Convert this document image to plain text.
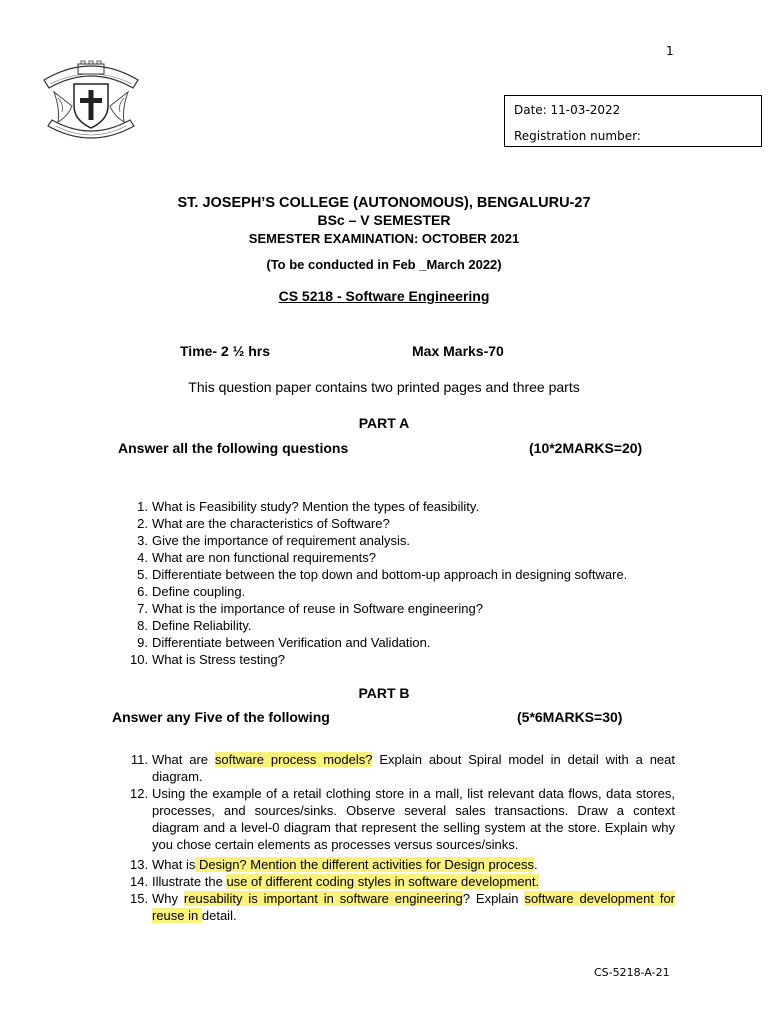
1
Date: 11-03-2022
Registration number:
ST. JOSEPH’S COLLEGE (AUTONOMOUS), BENGALURU-27
BSc – V SEMESTER
SEMESTER EXAMINATION: OCTOBER 2021
(To be conducted in Feb _March 2022)
CS 5218 - Software Engineering
Time- 2 ½ hrs	Max Marks-70
This question paper contains two printed pages and three parts
PART A
Answer all the following questions	(10*2MARKS=20)
1. What is Feasibility study? Mention the types of feasibility.
2. What are the characteristics of Software?
3. Give the importance of requirement analysis.
4. What are non functional requirements?
5. Differentiate between the top down and bottom-up approach in designing software.
6. Define coupling.
7. What is the importance of reuse in Software engineering?
8. Define Reliability.
9. Differentiate between Verification and Validation.
10. What is Stress testing?
PART B
Answer any Five of the following	(5*6MARKS=30)
11. What are software process models? Explain about Spiral model in detail with a neat diagram.
12. Using the example of a retail clothing store in a mall, list relevant data flows, data stores, processes, and sources/sinks. Observe several sales transactions. Draw a context diagram and a level-0 diagram that represent the selling system at the store. Explain why you chose certain elements as processes versus sources/sinks.
13. What is Design? Mention the different activities for Design process.
14. Illustrate the use of different coding styles in software development.
15. Why reusability is important in software engineering? Explain software development for reuse in detail.
CS-5218-A-21
